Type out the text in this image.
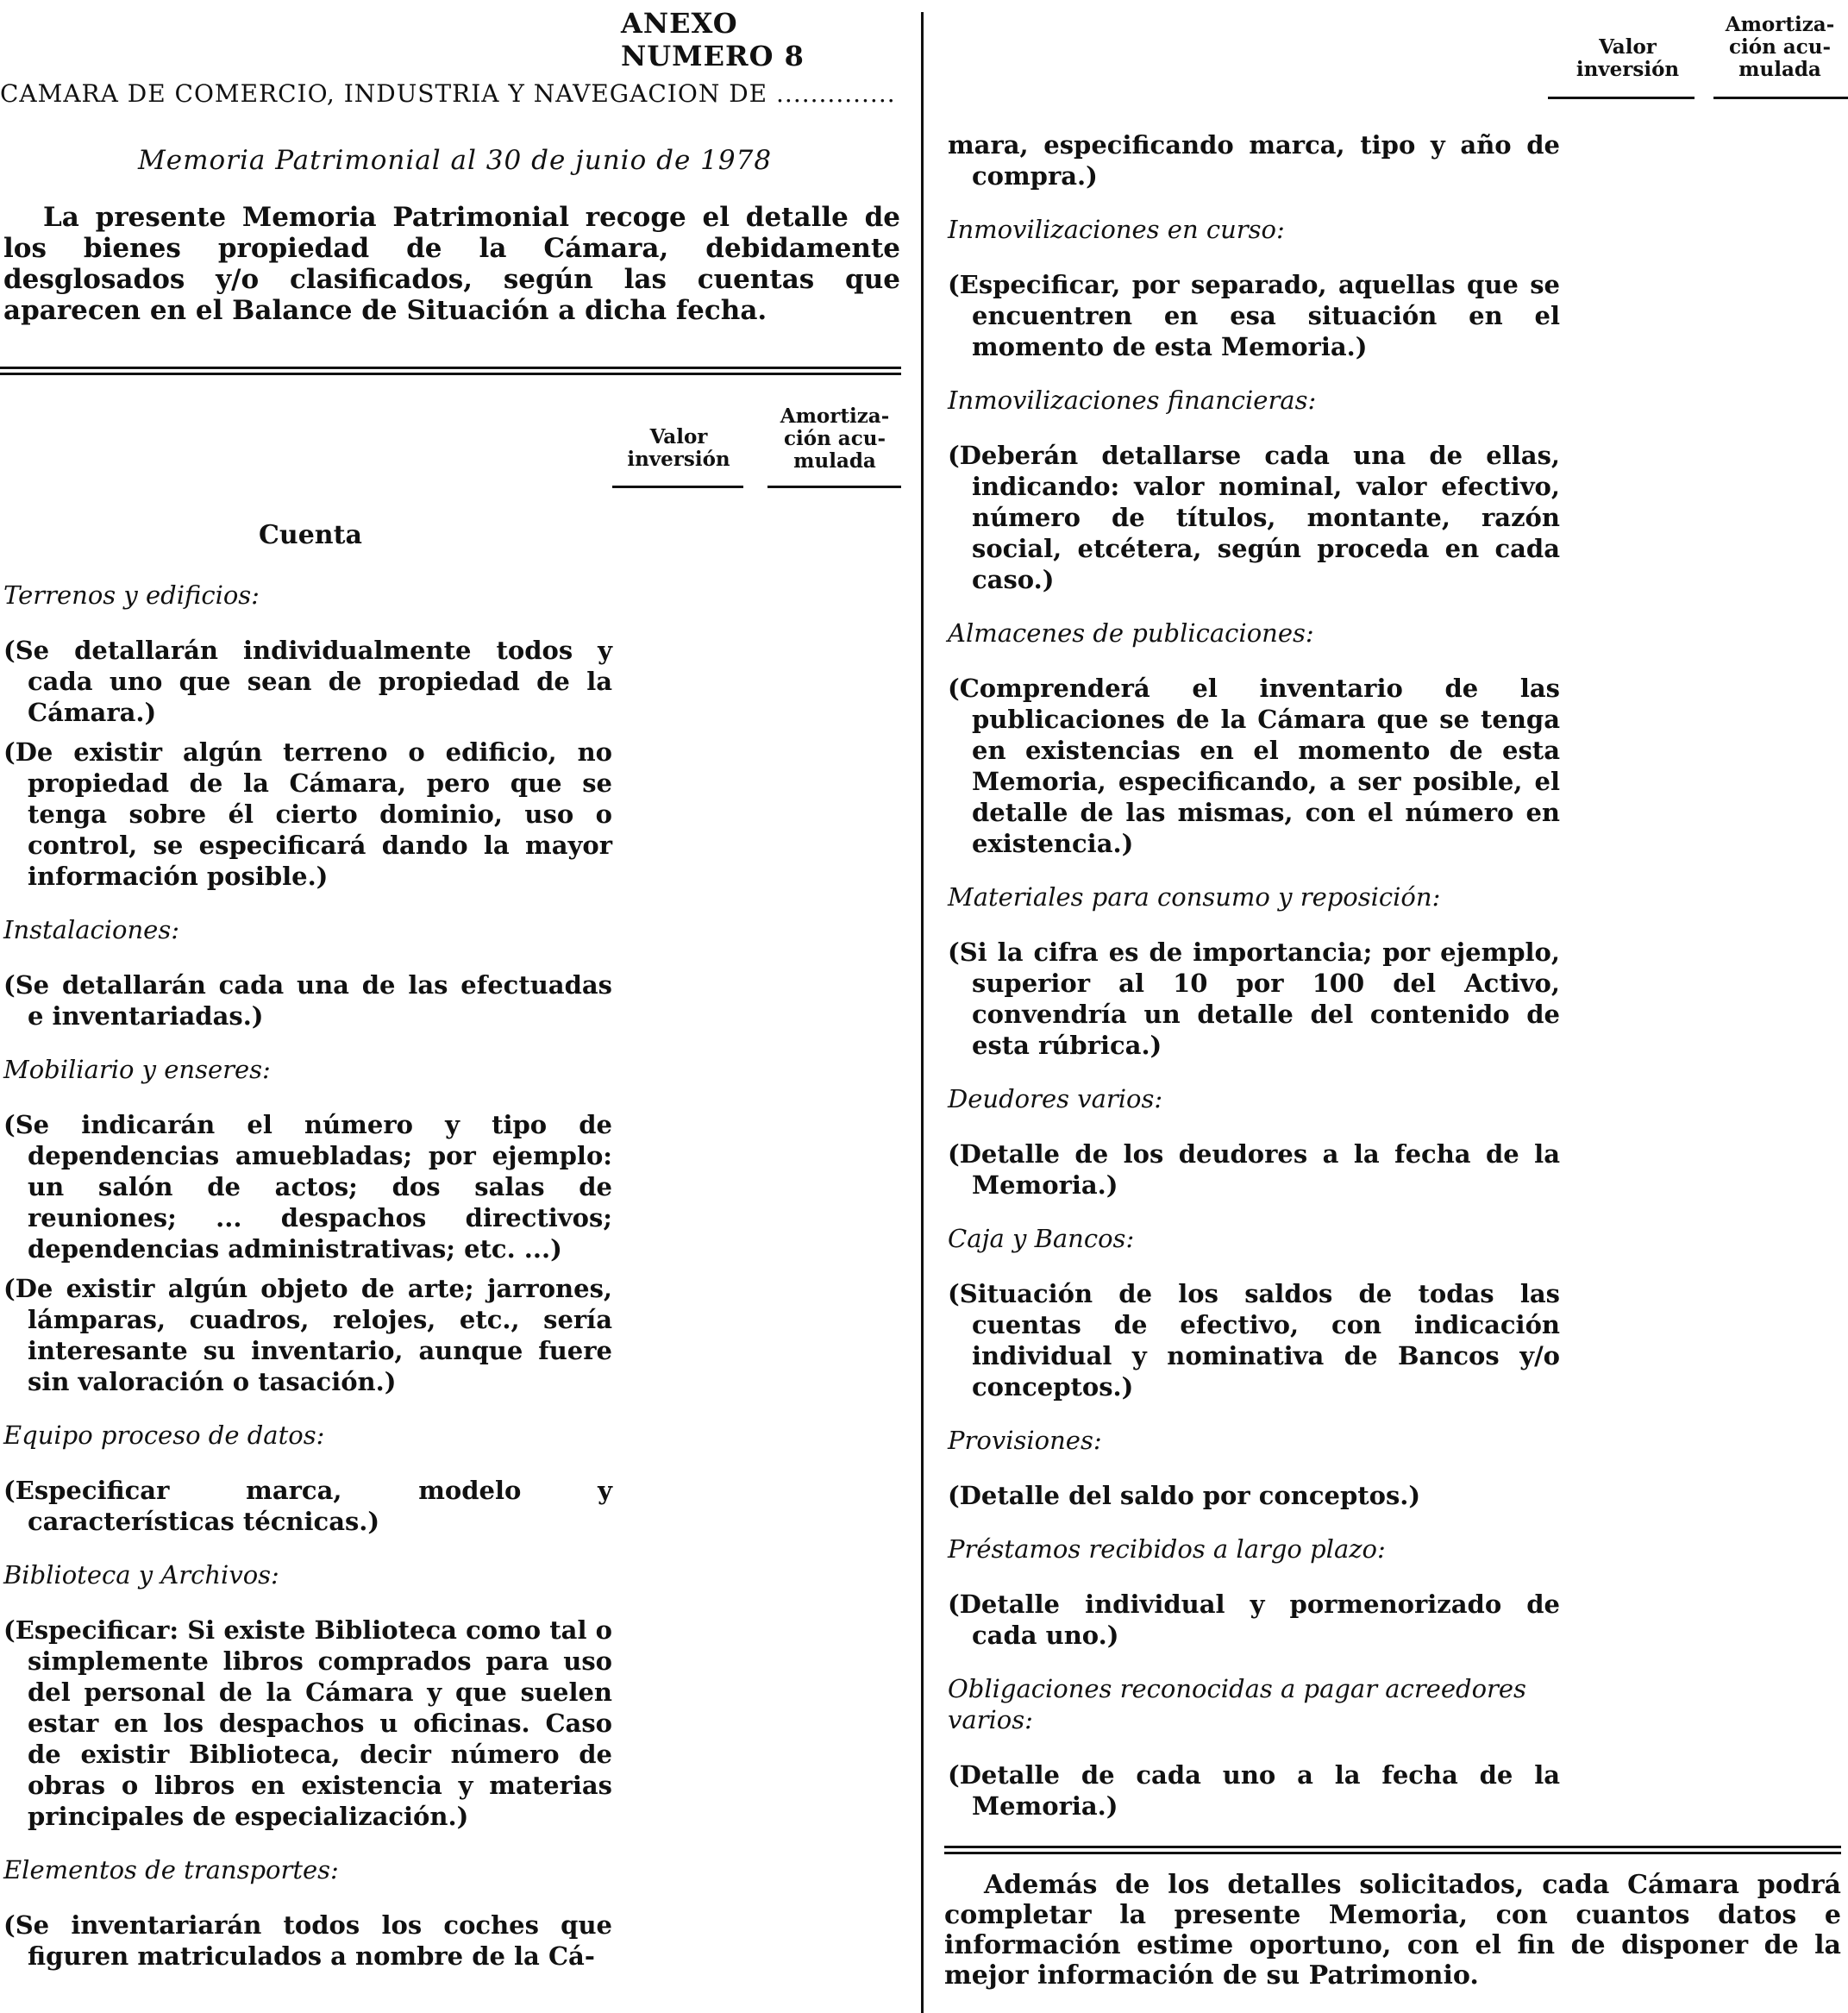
ANEXO NUMERO 8
CAMARA DE COMERCIO, INDUSTRIA Y NAVEGACION DE ..............
Memoria Patrimonial al 30 de junio de 1978
La presente Memoria Patrimonial recoge el detalle de los bienes propiedad de la Cámara, debidamente desglosados y/o clasificados, según las cuentas que aparecen en el Balance de Situación a dicha fecha.
Valor inversión
Amortiza- ción acu- mulada
Cuenta
Terrenos y edificios:
(Se detallarán individualmente todos y cada uno que sean de propiedad de la Cámara.)
(De existir algún terreno o edificio, no propiedad de la Cámara, pero que se tenga sobre él cierto dominio, uso o control, se especificará dando la mayor información posible.)
Instalaciones:
(Se detallarán cada una de las efectuadas e inventariadas.)
Mobiliario y enseres:
(Se indicarán el número y tipo de dependencias amuebladas; por ejemplo: un salón de actos; dos salas de reuniones; ... despachos directivos; dependencias administrativas; etc. ...)
(De existir algún objeto de arte; jarrones, lámparas, cuadros, relojes, etc., sería interesante su inventario, aunque fuere sin valoración o tasación.)
Equipo proceso de datos:
(Especificar marca, modelo y características técnicas.)
Biblioteca y Archivos:
(Especificar: Si existe Biblioteca como tal o simplemente libros comprados para uso del personal de la Cámara y que suelen estar en los despachos u oficinas. Caso de existir Biblioteca, decir número de obras o libros en existencia y materias principales de especialización.)
Elementos de transportes:
(Se inventariarán todos los coches que figuren matriculados a nombre de la Cá-
Valor inversión
Amortiza- ción acu- mulada
mara, especificando marca, tipo y año de compra.)
Inmovilizaciones en curso:
(Especificar, por separado, aquellas que se encuentren en esa situación en el momento de esta Memoria.)
Inmovilizaciones financieras:
(Deberán detallarse cada una de ellas, indicando: valor nominal, valor efectivo, número de títulos, montante, razón social, etcétera, según proceda en cada caso.)
Almacenes de publicaciones:
(Comprenderá el inventario de las publicaciones de la Cámara que se tenga en existencias en el momento de esta Memoria, especificando, a ser posible, el detalle de las mismas, con el número en existencia.)
Materiales para consumo y reposición:
(Si la cifra es de importancia; por ejemplo, superior al 10 por 100 del Activo, convendría un detalle del contenido de esta rúbrica.)
Deudores varios:
(Detalle de los deudores a la fecha de la Memoria.)
Caja y Bancos:
(Situación de los saldos de todas las cuentas de efectivo, con indicación individual y nominativa de Bancos y/o conceptos.)
Provisiones:
(Detalle del saldo por conceptos.)
Préstamos recibidos a largo plazo:
(Detalle individual y pormenorizado de cada uno.)
Obligaciones reconocidas a pagar acreedores varios:
(Detalle de cada uno a la fecha de la Memoria.)
Además de los detalles solicitados, cada Cámara podrá completar la presente Memoria, con cuantos datos e información estime oportuno, con el fin de disponer de la mejor información de su Patrimonio.
